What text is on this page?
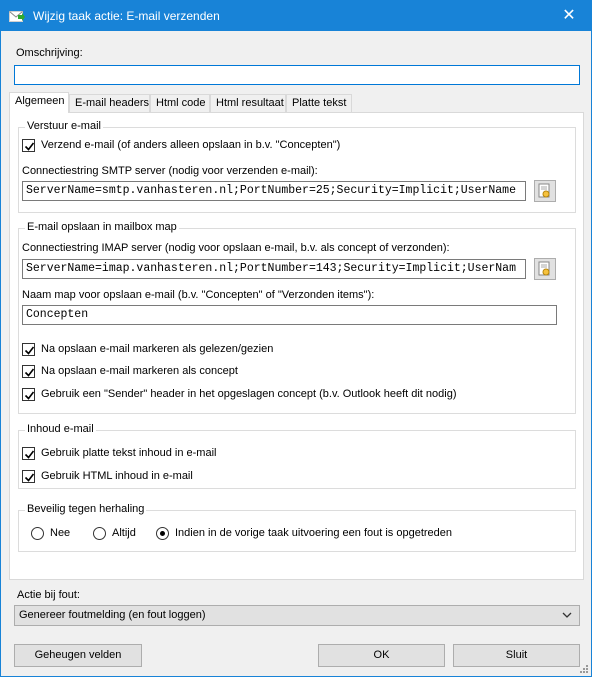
Wijzig taak actie: E-mail verzenden	✕
Omschrijving:
Algemeen E-mail headers Html code Html resultaat Platte tekst
Verstuur e-mail
Verzend e-mail (of anders alleen opslaan in b.v. "Concepten")
Connectiestring SMTP server (nodig voor verzenden e-mail):
ServerName=smtp.vanhasteren.nl;PortNumber=25;Security=Implicit;UserName
E-mail opslaan in mailbox map
Connectiestring IMAP server (nodig voor opslaan e-mail, b.v. als concept of verzonden):
ServerName=imap.vanhasteren.nl;PortNumber=143;Security=Implicit;UserNam
Naam map voor opslaan e-mail (b.v. "Concepten" of "Verzonden items"):
Concepten
Na opslaan e-mail markeren als gelezen/gezien
Na opslaan e-mail markeren als concept
Gebruik een "Sender" header in het opgeslagen concept (b.v. Outlook heeft dit nodig)
Inhoud e-mail
Gebruik platte tekst inhoud in e-mail
Gebruik HTML inhoud in e-mail
Beveilig tegen herhaling
Nee	Altijd	Indien in de vorige taak uitvoering een fout is opgetreden
Actie bij fout:
Genereer foutmelding (en fout loggen)
Geheugen velden	OK	Sluit
